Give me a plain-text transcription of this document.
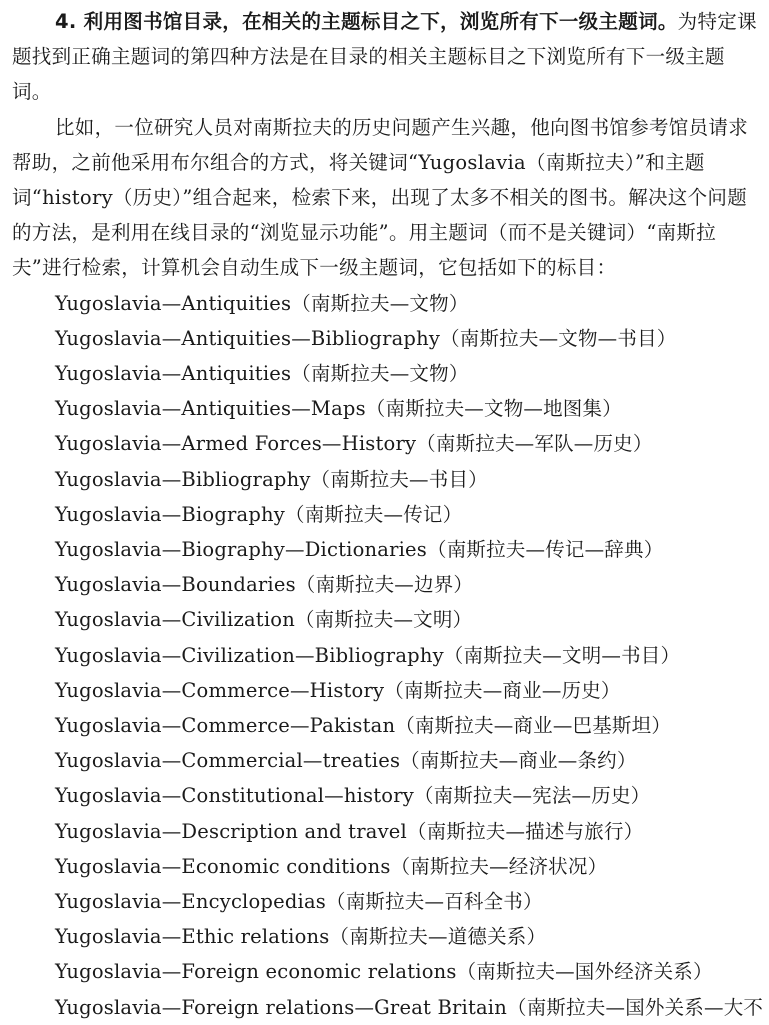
4. 利用图书馆目录，在相关的主题标目之下，浏览所有下一级主题词。为特定课题找到正确主题词的第四种方法是在目录的相关主题标目之下浏览所有下一级主题词。

比如，一位研究人员对南斯拉夫的历史问题产生兴趣，他向图书馆参考馆员请求帮助，之前他采用布尔组合的方式，将关键词“Yugoslavia（南斯拉夫）”和主题词“history（历史）”组合起来，检索下来，出现了太多不相关的图书。解决这个问题的方法，是利用在线目录的“浏览显示功能”。用主题词（而不是关键词）“南斯拉夫”进行检索，计算机会自动生成下一级主题词，它包括如下的标目：

Yugoslavia—Antiquities（南斯拉夫—文物）
Yugoslavia—Antiquities—Bibliography（南斯拉夫—文物—书目）
Yugoslavia—Antiquities（南斯拉夫—文物）
Yugoslavia—Antiquities—Maps（南斯拉夫—文物—地图集）
Yugoslavia—Armed Forces—History（南斯拉夫—军队—历史）
Yugoslavia—Bibliography（南斯拉夫—书目）
Yugoslavia—Biography（南斯拉夫—传记）
Yugoslavia—Biography—Dictionaries（南斯拉夫—传记—辞典）
Yugoslavia—Boundaries（南斯拉夫—边界）
Yugoslavia—Civilization（南斯拉夫—文明）
Yugoslavia—Civilization—Bibliography（南斯拉夫—文明—书目）
Yugoslavia—Commerce—History（南斯拉夫—商业—历史）
Yugoslavia—Commerce—Pakistan（南斯拉夫—商业—巴基斯坦）
Yugoslavia—Commercial—treaties（南斯拉夫—商业—条约）
Yugoslavia—Constitutional—history（南斯拉夫—宪法—历史）
Yugoslavia—Description and travel（南斯拉夫—描述与旅行）
Yugoslavia—Economic conditions（南斯拉夫—经济状况）
Yugoslavia—Encyclopedias（南斯拉夫—百科全书）
Yugoslavia—Ethic relations（南斯拉夫—道德关系）
Yugoslavia—Foreign economic relations（南斯拉夫—国外经济关系）
Yugoslavia—Foreign relations—Great Britain（南斯拉夫—国外关系—大不
